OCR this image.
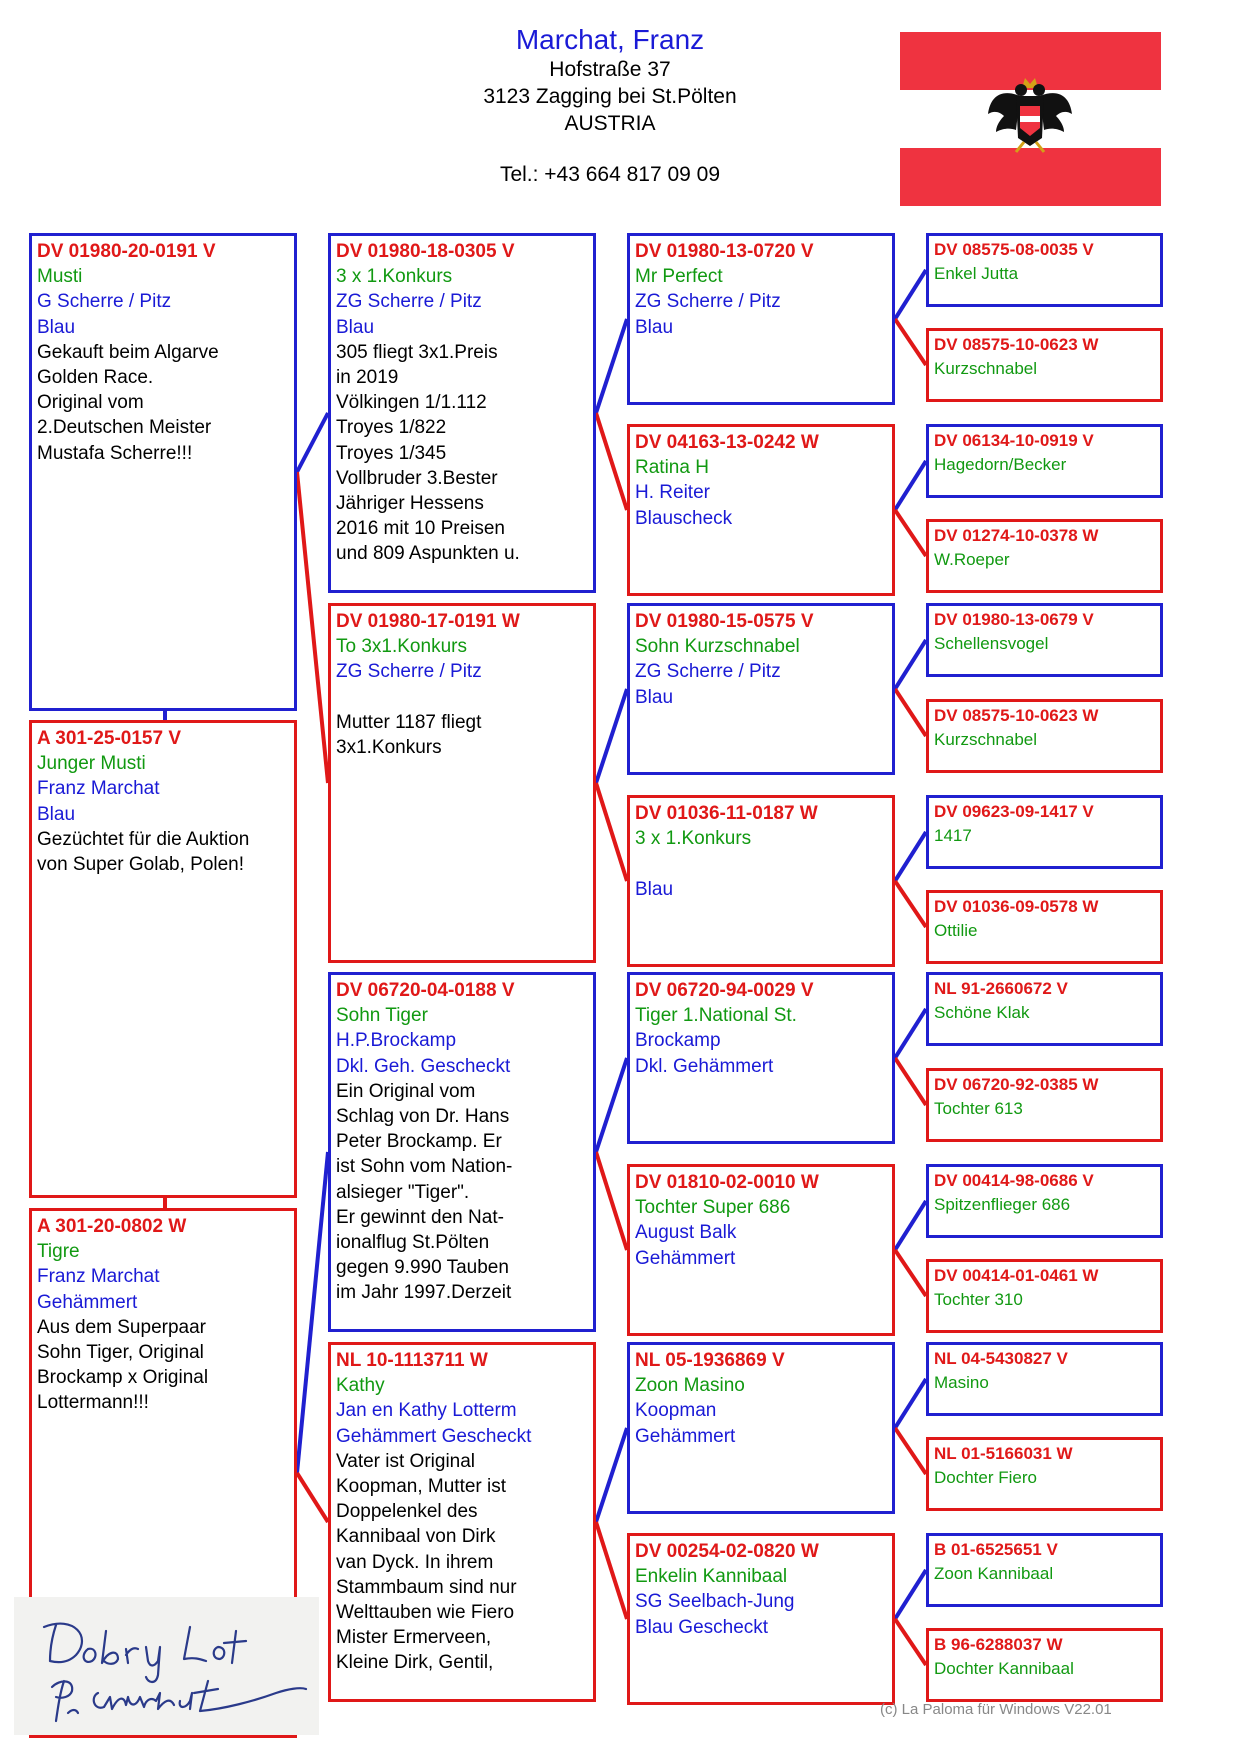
Marchat, Franz
Hofstraße 37
3123 Zagging bei St.Pölten
AUSTRIA
Tel.: +43 664 817 09 09
DV 01980-20-0191 V
Musti
G Scherre / Pitz
Blau
Gekauft beim Algarve
Golden Race.
Original vom
2.Deutschen Meister
Mustafa Scherre!!!
A 301-25-0157 V
Junger Musti
Franz Marchat
Blau
Gezüchtet für die Auktion
von Super Golab, Polen!
A 301-20-0802 W
Tigre
Franz Marchat
Gehämmert
Aus dem Superpaar
Sohn Tiger, Original
Brockamp x Original
Lottermann!!!
DV 01980-18-0305 V
3 x 1.Konkurs
ZG Scherre / Pitz
Blau
305 fliegt 3x1.Preis
in 2019
Völkingen 1/1.112
Troyes 1/822
Troyes 1/345
Vollbruder 3.Bester
Jähriger Hessens
2016 mit 10 Preisen
und 809 Aspunkten u.
DV 01980-17-0191 W
To 3x1.Konkurs
ZG Scherre / Pitz

Mutter 1187 fliegt
3x1.Konkurs
DV 06720-04-0188 V
Sohn Tiger
H.P.Brockamp
Dkl. Geh. Gescheckt
Ein Original vom
Schlag von Dr. Hans
Peter Brockamp. Er
ist Sohn vom Nation-
alsieger "Tiger".
Er gewinnt den Nat-
ionalflug St.Pölten
gegen 9.990 Tauben
im Jahr 1997.Derzeit
NL 10-1113711 W
Kathy
Jan en Kathy Lotterm
Gehämmert Gescheckt
Vater ist Original
Koopman, Mutter ist
Doppelenkel des
Kannibaal von Dirk
van Dyck. In ihrem
Stammbaum sind nur
Welttauben wie Fiero
Mister Ermerveen,
Kleine Dirk, Gentil,
DV 01980-13-0720 V
Mr Perfect
ZG Scherre / Pitz
Blau
DV 04163-13-0242 W
Ratina H
H. Reiter
Blauscheck
DV 01980-15-0575 V
Sohn Kurzschnabel
ZG Scherre / Pitz
Blau
DV 01036-11-0187 W
3 x 1.Konkurs

Blau
DV 06720-94-0029 V
Tiger 1.National St.
Brockamp
Dkl. Gehämmert
DV 01810-02-0010 W
Tochter Super 686
August Balk
Gehämmert
NL 05-1936869 V
Zoon Masino
Koopman
Gehämmert
DV 00254-02-0820 W
Enkelin Kannibaal
SG Seelbach-Jung
Blau Gescheckt
DV 08575-08-0035 V
Enkel Jutta
DV 08575-10-0623 W
Kurzschnabel
DV 06134-10-0919 V
Hagedorn/Becker
DV 01274-10-0378 W
W.Roeper
DV 01980-13-0679 V
Schellensvogel
DV 08575-10-0623 W
Kurzschnabel
DV 09623-09-1417 V
1417
DV 01036-09-0578 W
Ottilie
NL 91-2660672 V
Schöne Klak
DV 06720-92-0385 W
Tochter 613
DV 00414-98-0686 V
Spitzenflieger 686
DV 00414-01-0461 W
Tochter 310
NL 04-5430827 V
Masino
NL 01-5166031 W
Dochter Fiero
B 01-6525651 V
Zoon Kannibaal
B 96-6288037 W
Dochter Kannibaal
(c) La Paloma für Windows V22.01
